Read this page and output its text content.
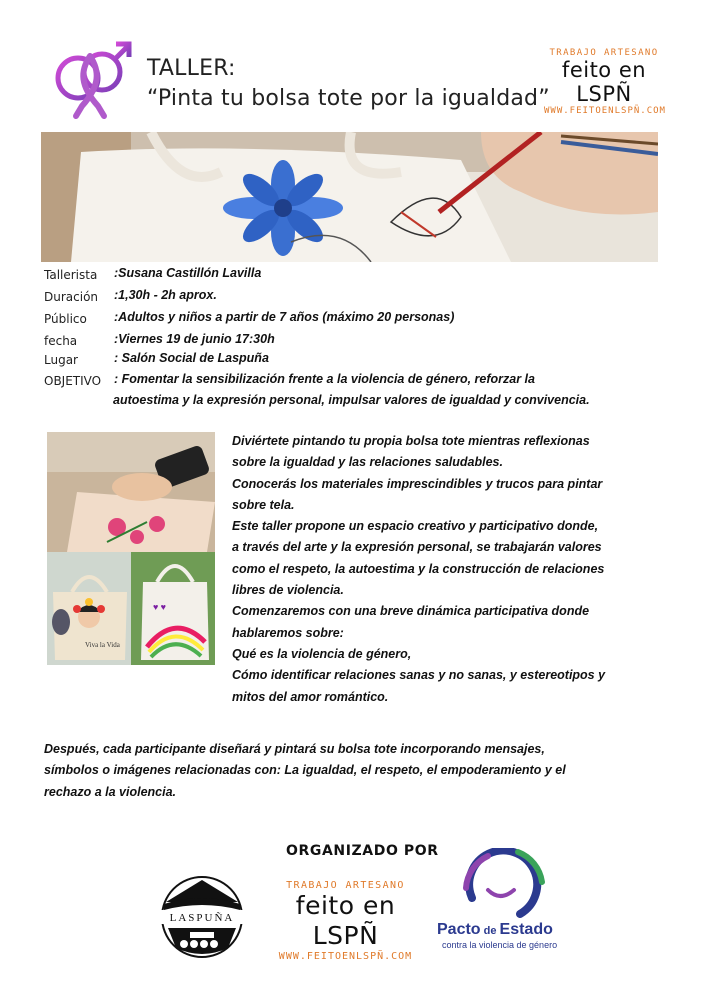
TALLER:
“Pinta tu bolsa tote por la igualdad”
TRABAJO ARTESANO
feito en LSPÑ
WWW.FEITOENLSPÑ.COM
Tallerista :Susana Castillón Lavilla
Duración :1,30h - 2h aprox.
Público :Adultos y niños a partir de 7 años (máximo 20 personas)
fecha	:Viernes 19 de junio 17:30h
Lugar	: Salón Social de Laspuña
OBJETIVO : Fomentar la sensibilización frente a la violencia de género, reforzar la
autoestima y la expresión personal, impulsar valores de igualdad y convivencia.
Viva la Vida
♥ ♥

Diviértete pintando tu propia bolsa tote mientras reflexionas

sobre la igualdad y las relaciones saludables.

Conocerás los materiales imprescindibles y trucos para pintar

sobre tela.

Este taller propone un espacio creativo y participativo donde,

a través del arte y la expresión personal, se trabajarán valores

como el respeto, la autoestima y la construcción de relaciones

libres de violencia.

Comenzaremos con una breve dinámica participativa donde

hablaremos sobre:

Qué es la violencia de género,

Cómo identificar relaciones sanas y no sanas, y estereotipos y

mitos del amor romántico.

Después, cada participante diseñará y pintará su bolsa tote incorporando mensajes,
símbolos o imágenes relacionadas con: La igualdad, el respeto, el empoderamiento y el
rechazo a la violencia.
ORGANIZADO POR
LASPUÑA
TRABAJO ARTESANO
feito en LSPÑ
WWW.FEITOENLSPÑ.COM
Pacto de Estado
contra la violencia de género
